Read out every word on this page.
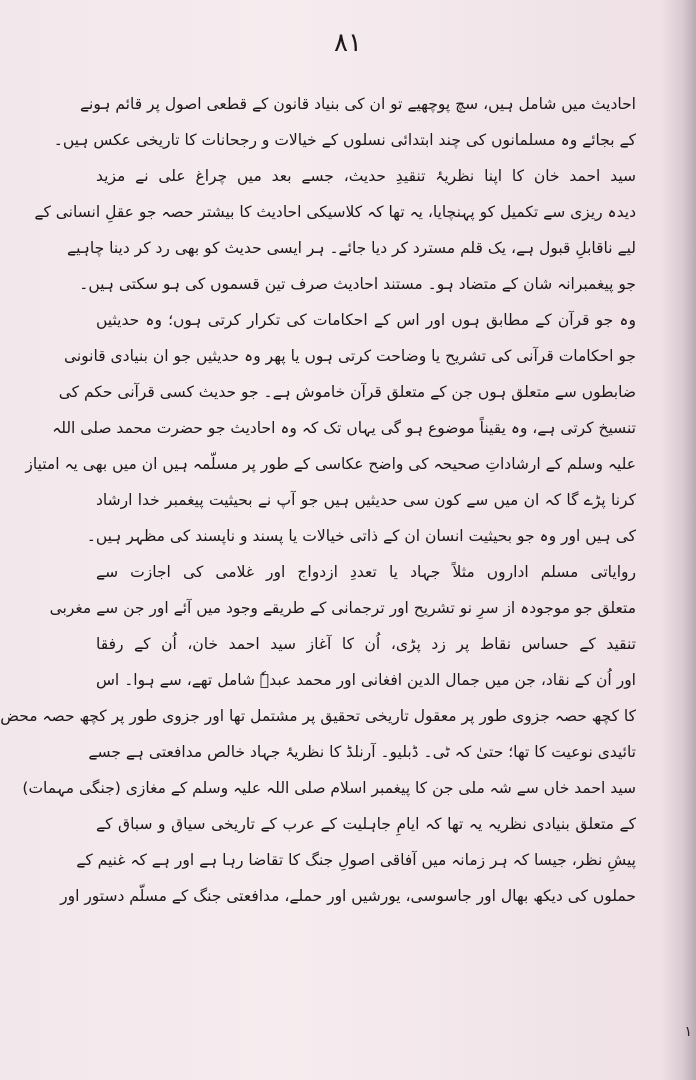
۸۱
احادیث میں شامل ہیں، سچ پوچھیے تو ان کی بنیاد قانون کے قطعی اصول پر قائم ہونے
کے بجائے وہ مسلمانوں کی چند ابتدائی نسلوں کے خیالات و رجحانات کا تاریخی عکس ہیں۔
سید احمد خان کا اپنا نظریۂ تنقیدِ حدیث، جسے بعد میں چراغ علی نے مزید
دیدہ ریزی سے تکمیل کو پہنچایا، یہ تھا کہ کلاسیکی احادیث کا بیشتر حصہ جو عقلِ انسانی کے
لیے ناقابلِ قبول ہے، یک قلم مسترد کر دیا جائے۔ ہر ایسی حدیث کو بھی رد کر دینا چاہیے
جو پیغمبرانہ شان کے متضاد ہو۔ مستند احادیث صرف تین قسموں کی ہو سکتی ہیں۔
وہ جو قرآن کے مطابق ہوں اور اس کے احکامات کی تکرار کرتی ہوں؛ وہ حدیثیں
جو احکامات قرآنی کی تشریح یا وضاحت کرتی ہوں یا پھر وہ حدیثیں جو ان بنیادی قانونی
ضابطوں سے متعلق ہوں جن کے متعلق قرآن خاموش ہے۔ جو حدیث کسی قرآنی حکم کی
تنسیخ کرتی ہے، وہ یقیناً موضوع ہو گی یہاں تک کہ وہ احادیث جو حضرت محمد صلی اللہ
علیہ وسلم کے ارشاداتِ صحیحہ کی واضح عکاسی کے طور پر مسلّمہ ہیں ان میں بھی یہ امتیاز
کرنا پڑے گا کہ ان میں سے کون سی حدیثیں ہیں جو آپ نے بحیثیت پیغمبر خدا ارشاد
کی ہیں اور وہ جو بحیثیت انسان ان کے ذاتی خیالات یا پسند و ناپسند کی مظہر ہیں۔
روایاتی مسلم اداروں مثلاً جہاد یا تعددِ ازدواج اور غلامی کی اجازت سے
متعلق جو موجودہ از سرِ نو تشریح اور ترجمانی کے طریقے وجود میں آئے اور جن سے مغربی
تنقید کے حساس نقاط پر زد پڑی، اُن کا آغاز سید احمد خان، اُن کے رفقا
اور اُن کے نقاد، جن میں جمال الدین افغانی اور محمد عبدہٗ شامل تھے، سے ہوا۔ اس
کا کچھ حصہ جزوی طور پر معقول تاریخی تحقیق پر مشتمل تھا اور جزوی طور پر کچھ حصہ محض
تائیدی نوعیت کا تھا؛ حتیٰ کہ ٹی۔ ڈبلیو۔ آرنلڈ کا نظریۂ جہاد خالص مدافعتی ہے جسے
سید احمد خاں سے شہ ملی جن کا پیغمبر اسلام صلی اللہ علیہ وسلم کے مغازی (جنگی مہمات)
کے متعلق بنیادی نظریہ یہ تھا کہ ایامِ جاہلیت کے عرب کے تاریخی سیاق و سباق کے
پیشِ نظر، جیسا کہ ہر زمانہ میں آفاقی اصولِ جنگ کا تقاضا رہا ہے اور ہے کہ غنیم کے
حملوں کی دیکھ بھال اور جاسوسی، یورشیں اور حملے، مدافعتی جنگ کے مسلّم دستور اور
۱
